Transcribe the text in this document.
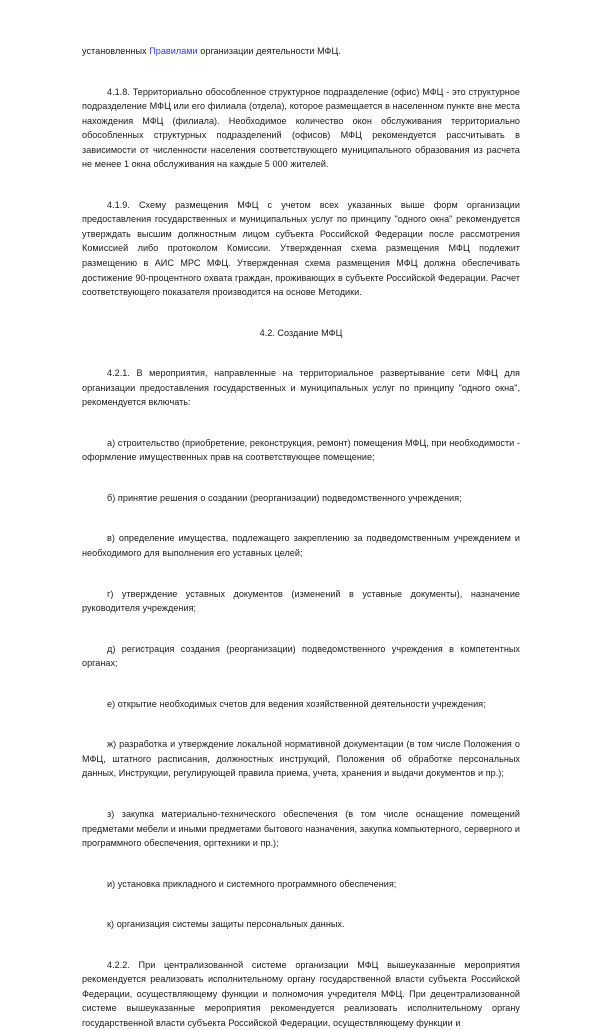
установленных Правилами организации деятельности МФЦ.

4.1.8. Территориально обособленное структурное подразделение (офис) МФЦ - это структурное подразделение МФЦ или его филиала (отдела), которое размещается в населенном пункте вне места нахождения МФЦ (филиала). Необходимое количество окон обслуживания территориально обособленных структурных подразделений (офисов) МФЦ рекомендуется рассчитывать в зависимости от численности населения соответствующего муниципального образования из расчета не менее 1 окна обслуживания на каждые 5 000 жителей.

4.1.9. Схему размещения МФЦ с учетом всех указанных выше форм организации предоставления государственных и муниципальных услуг по принципу "одного окна" рекомендуется утверждать высшим должностным лицом субъекта Российской Федерации после рассмотрения Комиссией либо протоколом Комиссии. Утвержденная схема размещения МФЦ подлежит размещению в АИС МРС МФЦ. Утвержденная схема размещения МФЦ должна обеспечивать достижение 90-процентного охвата граждан, проживающих в субъекте Российской Федерации. Расчет соответствующего показателя производится на основе Методики.

4.2. Создание МФЦ

4.2.1. В мероприятия, направленные на территориальное развертывание сети МФЦ для организации предоставления государственных и муниципальных услуг по принципу "одного окна", рекомендуется включать:

а) строительство (приобретение, реконструкция, ремонт) помещения МФЦ, при необходимости - оформление имущественных прав на соответствующее помещение;

б) принятие решения о создании (реорганизации) подведомственного учреждения;

в) определение имущества, подлежащего закреплению за подведомственным учреждением и необходимого для выполнения его уставных целей;

г) утверждение уставных документов (изменений в уставные документы), назначение руководителя учреждения;

д) регистрация создания (реорганизации) подведомственного учреждения в компетентных органах;

е) открытие необходимых счетов для ведения хозяйственной деятельности учреждения;

ж) разработка и утверждение локальной нормативной документации (в том числе Положения о МФЦ, штатного расписания, должностных инструкций, Положения об обработке персональных данных, Инструкции, регулирующей правила приема, учета, хранения и выдачи документов и пр.);

з) закупка материально-технического обеспечения (в том числе оснащение помещений предметами мебели и иными предметами бытового назначения, закупка компьютерного, серверного и программного обеспечения, оргтехники и пр.);

и) установка прикладного и системного программного обеспечения;

к) организация системы защиты персональных данных.

4.2.2. При централизованной системе организации МФЦ вышеуказанные мероприятия рекомендуется реализовать исполнительному органу государственной власти субъекта Российской Федерации, осуществляющему функции и полномочия учредителя МФЦ. При децентрализованной системе вышеуказанные мероприятия рекомендуется реализовать исполнительному органу государственной власти субъекта Российской Федерации, осуществляющему функции и
